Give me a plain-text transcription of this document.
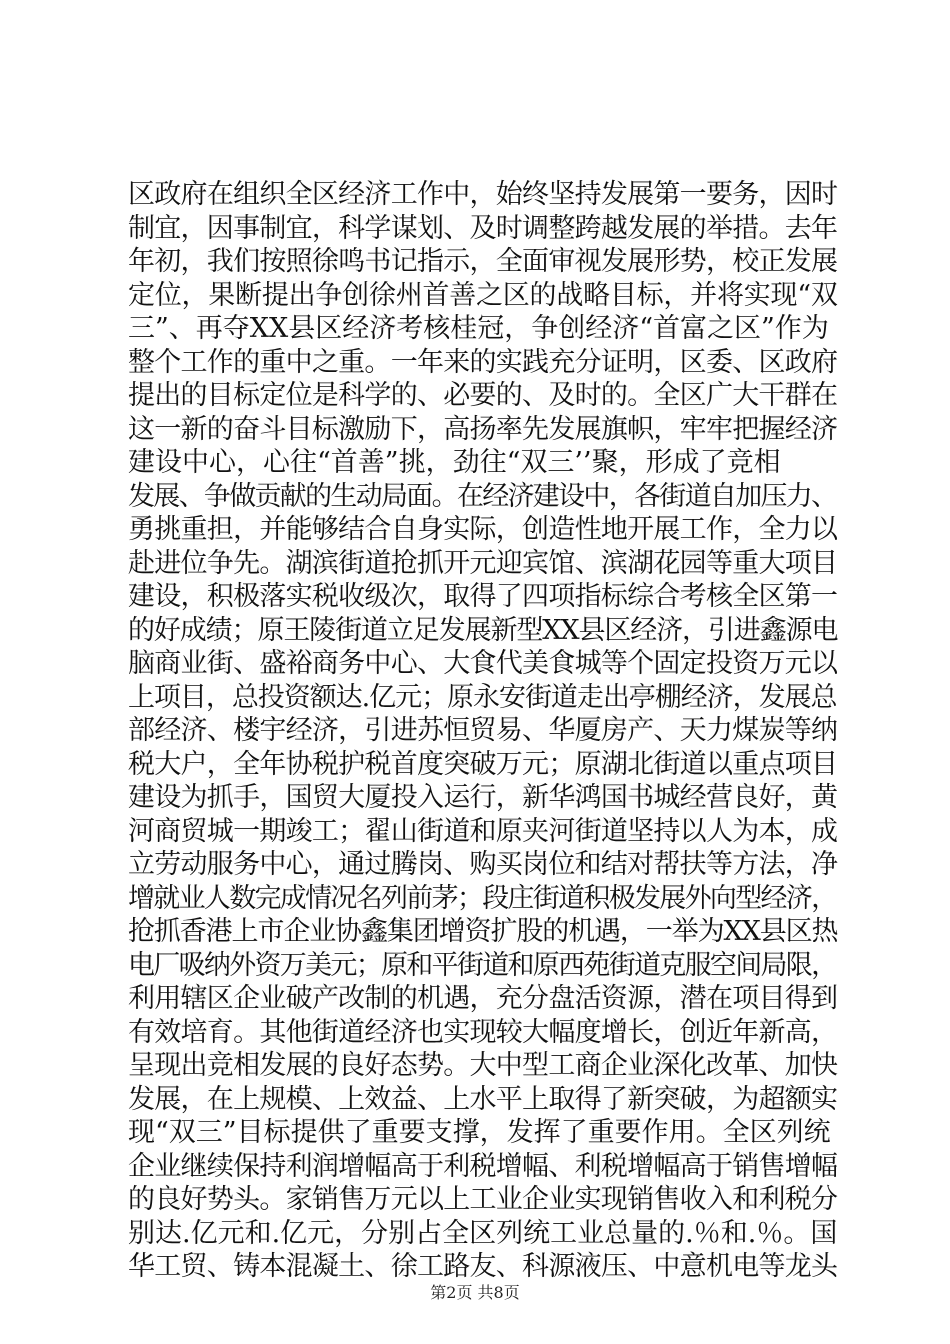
区政府在组织全区经济工作中，始终坚持发展第一要务，因时
制宜，因事制宜，科学谋划、及时调整跨越发展的举措。去年
年初，我们按照徐鸣书记指示，全面审视发展形势，校正发展
定位，果断提出争创徐州首善之区的战略目标，并将实现“双
三”、再夺XX县区经济考核桂冠，争创经济“首富之区”作为
整个工作的重中之重。一年来的实践充分证明，区委、区政府
提出的目标定位是科学的、必要的、及时的。全区广大干群在
这一新的奋斗目标激励下，高扬率先发展旗帜，牢牢把握经济
建设中心，心往“首善”挑，劲往“双三’’聚，形成了竞相
发展、争做贡献的生动局面。在经济建设中，各街道自加压力、
勇挑重担，并能够结合自身实际，创造性地开展工作，全力以
赴进位争先。湖滨街道抢抓开元迎宾馆、滨湖花园等重大项目
建设，积极落实税收级次，取得了四项指标综合考核全区第一
的好成绩；原王陵街道立足发展新型XX县区经济，引进鑫源电
脑商业街、盛裕商务中心、大食代美食城等个固定投资万元以
上项目，总投资额达.亿元；原永安街道走出亭棚经济，发展总
部经济、楼宇经济，引进苏恒贸易、华厦房产、天力煤炭等纳
税大户，全年协税护税首度突破万元；原湖北街道以重点项目
建设为抓手，国贸大厦投入运行，新华鸿国书城经营良好，黄
河商贸城一期竣工；翟山街道和原夹河街道坚持以人为本，成
立劳动服务中心，通过腾岗、购买岗位和结对帮扶等方法，净
增就业人数完成情况名列前茅；段庄街道积极发展外向型经济，
抢抓香港上市企业协鑫集团增资扩股的机遇，一举为XX县区热
电厂吸纳外资万美元；原和平街道和原西苑街道克服空间局限，
利用辖区企业破产改制的机遇，充分盘活资源，潜在项目得到
有效培育。其他街道经济也实现较大幅度增长，创近年新高，
呈现出竞相发展的良好态势。大中型工商企业深化改革、加快
发展，在上规模、上效益、上水平上取得了新突破，为超额实
现“双三”目标提供了重要支撑，发挥了重要作用。全区列统
企业继续保持利润增幅高于利税增幅、利税增幅高于销售增幅
的良好势头。家销售万元以上工业企业实现销售收入和利税分
别达.亿元和.亿元，分别占全区列统工业总量的.％和.％。国
华工贸、铸本混凝土、徐工路友、科源液压、中意机电等龙头
第2页 共8页
